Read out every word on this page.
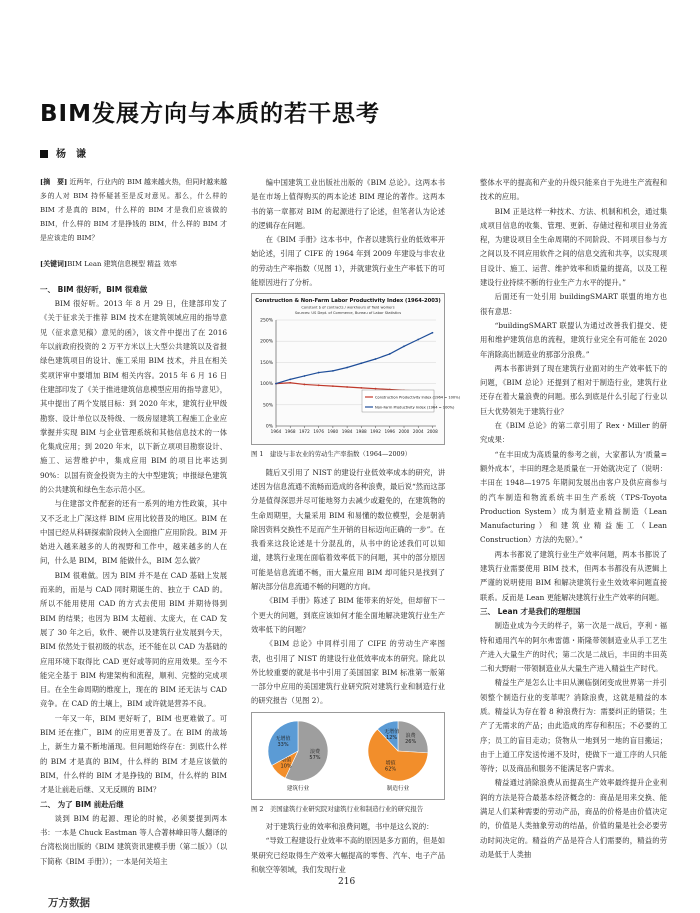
BIM发展方向与本质的若干思考
杨　谦

[摘　要] 近两年，行业内的 BIM 越来越火热，但同时越来越多的人对 BIM 持怀疑甚至是反对意见。那么，什么样的 BIM 才是真的 BIM，什么样的 BIM 才是我们应该做的 BIM，什么样的 BIM 才是挣钱的 BIM，什么样的 BIM 才是应该走的 BIM？

[关键词]BIM Lean 建筑信息模型 精益 效率

一、 BIM 很好听，BIM 很难做

BIM 很好听。2013 年 8 月 29 日，住建部印发了《关于征求关于推荐 BIM 技术在建筑领域应用的指导意见（征求意见稿）意见的函》，该文件中提出了在 2016 年以前政府投资的 2 万平方米以上大型公共建筑以及省报绿色建筑项目的设计、施工采用 BIM 技术，并且在相关奖项评审中要增加 BIM 相关内容。2015 年 6 月 16 日住建部印发了《关于推进建筑信息模型应用的指导意见》，其中提出了两个发展目标：到 2020 年末，建筑行业甲级勘察、设计单位以及特级、一级房屋建筑工程施工企业应掌握并实现 BIM 与企业管理系统和其他信息技术的一体化集成应用；到 2020 年末，以下新立项项目勘察设计、施工、运营维护中，集成应用 BIM 的项目比率达到 90%：以国有资金投资为主的大中型建筑；申报绿色建筑的公共建筑和绿色生态示范小区。

与住建部文件配套的还有一系列的地方性政策，其中又不乏北上广深这样 BIM 应用比较普及的地区。BIM 在中国已经从科研探索阶段转入全面推广应用阶段。BIM 开始进入越来越多的人的视野和工作中，越来越多的人在问，什么是 BIM，BIM 能做什么，BIM 怎么做？

BIM 很难做。因为 BIM 并不是在 CAD 基础上发展而来的，而是与 CAD 同时期诞生的、独立于 CAD 的。所以不能用使用 CAD 的方式去使用 BIM 并期待得到 BIM 的结果；也因为 BIM 太超前、太庞大，在 CAD 发展了 30 年之后，软件、硬件以及建筑行业发展到今天，BIM 依然处于很初级的状态，还不能在以 CAD 为基础的应用环境下取得比 CAD 更好或等同的应用效果。至今不能完全基于 BIM 构建架构和流程，顺利、完整的完成项目。在全生命周期的维度上，现在的 BIM 还无法与 CAD 竞争。在 CAD 的土壤上，BIM 或许就是营养不良。

一年又一年，BIM 更好听了，BIM 也更难做了。可 BIM 还在推广，BIM 的应用更普及了。在 BIM 的战场上，新生力量不断地涌现。但问题始终存在：到底什么样的 BIM 才是真的 BIM，什么样的 BIM 才是应该做的 BIM，什么样的 BIM 才是挣钱的 BIM，什么样的 BIM 才是让前赴后继、又无反顾的 BIM？

二、 为了 BIM 前赴后继

谈到 BIM 的起源、理论的时候，必须要提到两本书：一本是 Chuck Eastman 等人合著林峰田等人翻译的台湾松岗出版的《BIM 建筑资讯建模手册（第二版）》（以下简称《BIM 手册》）；一本是何关培主

编中国建筑工业出版社出版的《BIM 总论》。这两本书是在市场上值得购买的两本论述 BIM 理论的著作。这两本书的第一章都对 BIM 的起源进行了论述，但笔者认为论述的逻辑存在问题。

在《BIM 手册》这本书中，作者以建筑行业的低效率开始论述，引用了 CIFE 的 1964 年到 2009 年建设与非农业的劳动生产率指数（见图 1），并就建筑行业生产率低下的可能原因进行了分析。

Construction & Non-Farm Labor Productivity Index (1964-2003)
Constant $ of contracts / workhours of field workers
Sources: US Dept. of Commerce, Bureau of Labor Statistics
0%
50%
100%
150%
200%
250%
1964 1968 1972 1976 1980 1984 1988 1992 1996 2000 2004 2008
Construction Productivity Index (1964 = 100%)
Non-Farm Productivity Index (1964 = 100%)

图 1　建设与非农业的劳动生产率指数（1964—2009）

随后又引用了 NIST 的建设行业低效率成本的研究，讲述因为信息流通不流畅而造成的各种浪费，最后说“然而这部分是值得深思并尽可能地努力去减少或避免的，在建筑物的生命周期里，大量采用 BIM 和易懂的数位模型，会是朝消除因资料交换性不足而产生开销的目标迈向正确的一步”。在我看来这段论述是十分混乱的，从书中的论述我们可以知道，建筑行业现在面临着效率低下的问题，其中的部分原因可能是信息流通不畅，而大量应用 BIM 却可能只是找到了解决部分信息流通不畅的问题的方向。

《BIM 手册》陈述了 BIM 能带来的好处，但却留下一个更大的问题，到底应该如何才能全面地解决建筑行业生产效率低下的问题？

《BIM 总论》中同样引用了 CIFE 的劳动生产率图表，也引用了 NIST 的建设行业低效率成本的研究。除此以外比较重要的就是书中引用了美国国家 BIM 标准第一版第一部分中应用的美国建筑行业研究院对建筑行业和制造行业的研究报告（见图 2）。

浪费
57%
增值
10%
无增值
33%
建筑行业
浪费
26%
增值
62%
无增值
12%
制造行业

图 2　美国建筑行业研究院对建筑行业和制造行业的研究报告

对于建筑行业的效率和浪费问题，书中是这么说的：

“导致工程建设行业效率不高的原因是多方面的，但是如果研究已经取得生产效率大幅提高的零售、汽车、电子产品和航空等领域，我们发现行业

整体水平的提高和产业的升级只能来自于先进生产流程和技术的应用。

BIM 正是这样一种技术、方法、机制和机会，通过集成项目信息的收集、管理、更新、存储过程和项目业务流程，为建设项目全生命周期的不同阶段、不同项目参与方之间以及不同应用软件之间的信息交流和共享，以实现项目设计、施工、运营、维护效率和质量的提高，以及工程建设行业持续不断的行业生产力水平的提升。”

后面还有一处引用 buildingSMART 联盟的地方也很有意思：

“buildingSMART 联盟认为通过改善我们提交、使用和维护建筑信息的流程，建筑行业完全有可能在 2020 年消除高出制造业的那部分浪费。”

两本书都讲到了现在建筑行业面对的生产效率低下的问题，《BIM 总论》还提到了相对于制造行业，建筑行业还存在着大量浪费的问题。那么到底是什么引起了行业以巨大优势领先于建筑行业？

在《BIM 总论》的第二章引用了 Rex・Miller 的研究成果：

“在丰田成为高质量的参考之前，大家都认为‘质量=额外成本’，丰田的理念是质量在一开始就决定了（说明：丰田在 1948—1975 年期间发展出由客户及供应商参与的汽车制造和物流系统丰田生产系统（TPS-Toyota Production System）成为制造业精益制造（Lean Manufacturing）和建筑业精益施工（Lean Construction）方法的先驱）。”

两本书都说了建筑行业生产效率问题，两本书都说了建筑行业需要使用 BIM 技术，但两本书都没有从逻辑上严谨的说明使用 BIM 和解决建筑行业生效效率问题直接联系。反而是 Lean 更能解决建筑行业生产效率的问题。

三、 Lean 才是我们的理想国

制造业成为今天的样子，第一次是一战后，亨利・福特和通用汽车的阿尔弗雷德・斯隆带领制造业从手工艺生产进入大量生产的时代；第二次是二战后，丰田的丰田英二和大野耐一带领制造业从大量生产进入精益生产时代。

精益生产是怎么让丰田从濒临倒闭变成世界第一并引领整个制造行业的变革呢？消除浪费，这就是精益的本质。精益认为存在着 8 种浪费行为：需要纠正的错误；生产了无需求的产品；由此造成的库存和积压；不必要的工序；员工的盲目走动；货物从一地到另一地的盲目搬运；由于上道工序发送传递不及时，使做下一道工序的人只能等待；以及商品和服务不能满足客户需求。

精益通过消除浪费从而提高生产效率最终提升企业利润的方法是符合最基本经济概念的：商品是用来交换、能满足人们某种需要的劳动产品，商品的价格是由价值决定的，价值是人类抽象劳动的结晶，价值的量是社会必要劳动时间决定的。精益的产品是符合人们需要的，精益的劳动是低于人类抽

216
万方数据
